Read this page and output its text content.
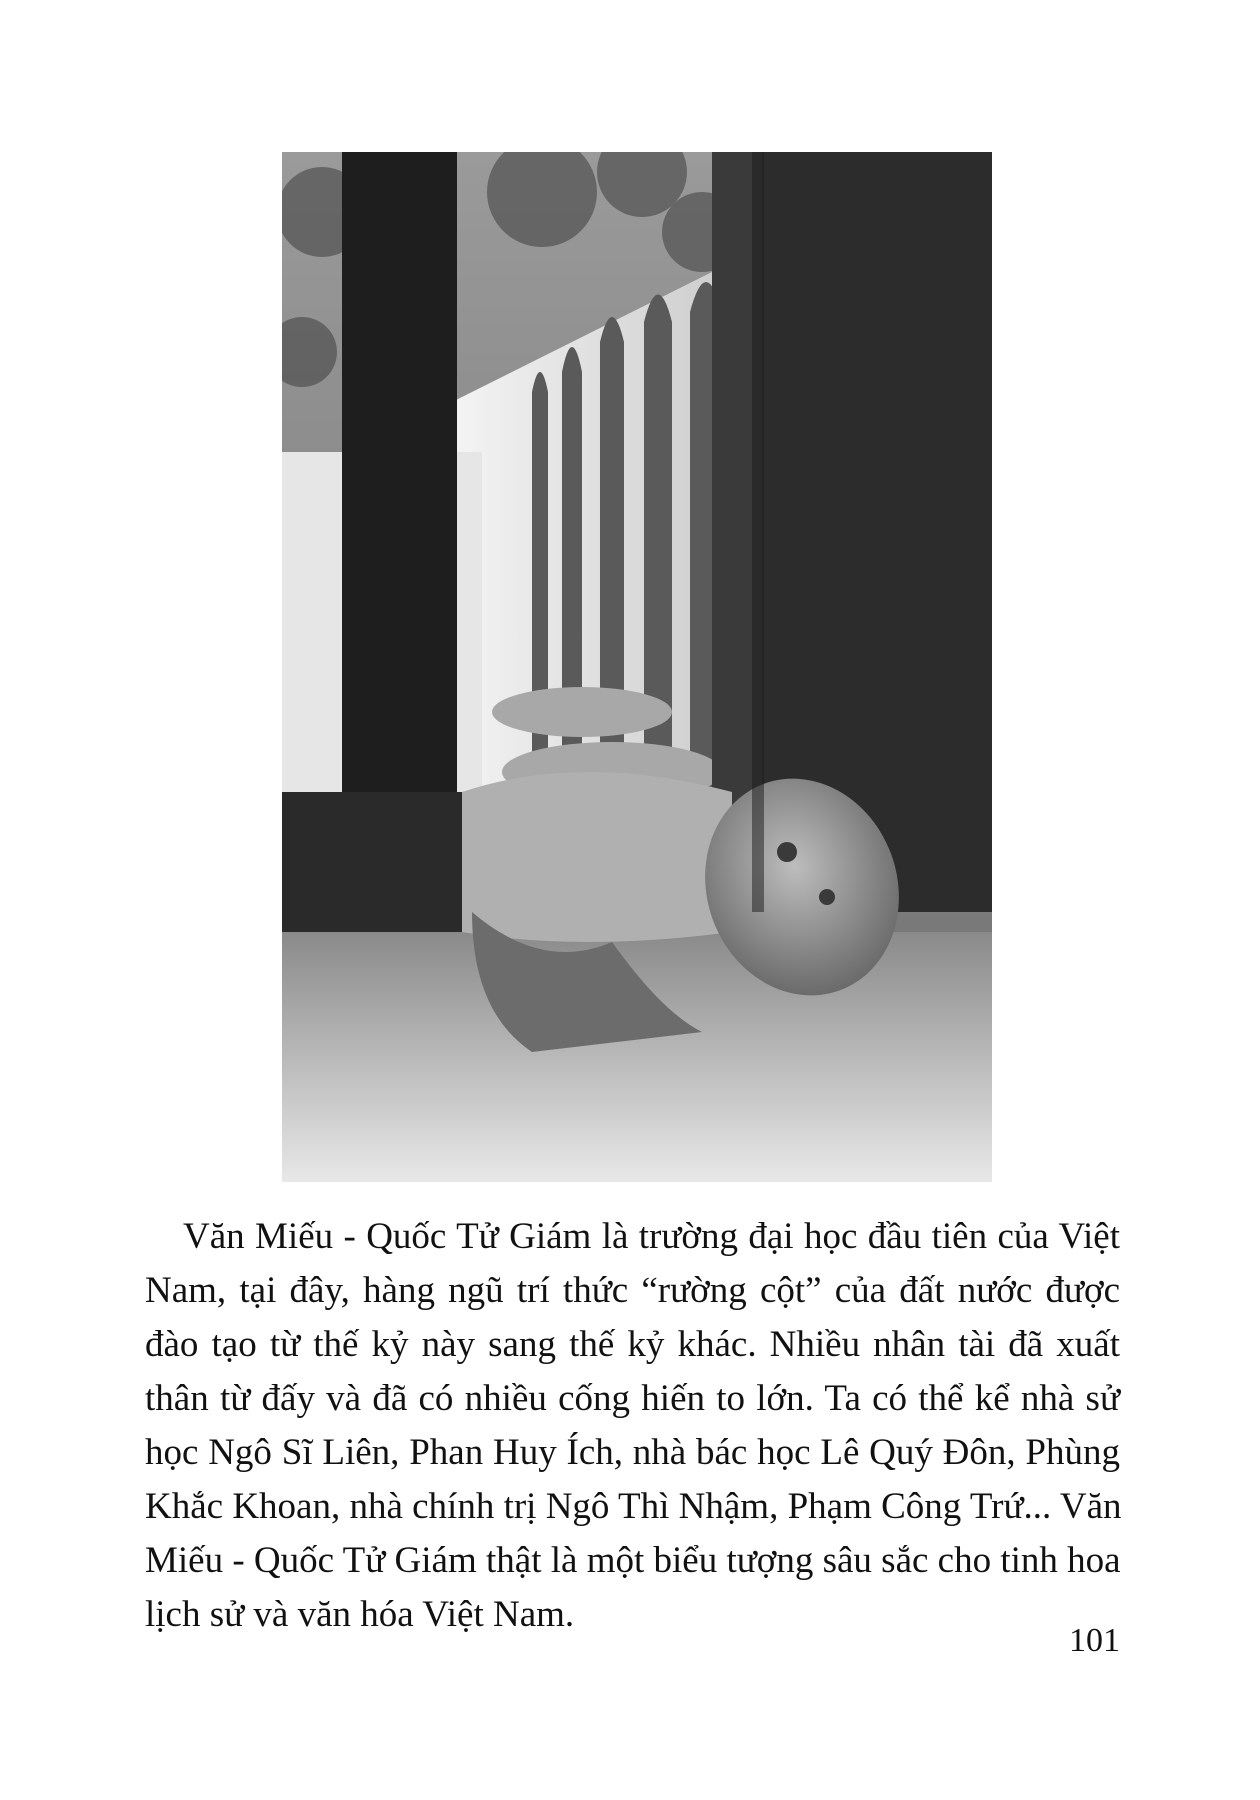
Văn Miếu - Quốc Tử Giám là trường đại học đầu tiên của Việt
Nam, tại đây, hàng ngũ trí thức “rường cột” của đất nước được
đào tạo từ thế kỷ này sang thế kỷ khác. Nhiều nhân tài đã xuất
thân từ đấy và đã có nhiều cống hiến to lớn. Ta có thể kể nhà sử
học Ngô Sĩ Liên, Phan Huy Ích, nhà bác học Lê Quý Đôn, Phùng
Khắc Khoan, nhà chính trị Ngô Thì Nhậm, Phạm Công Trứ... Văn
Miếu - Quốc Tử Giám thật là một biểu tượng sâu sắc cho tinh hoa
lịch sử và văn hóa Việt Nam.

101
